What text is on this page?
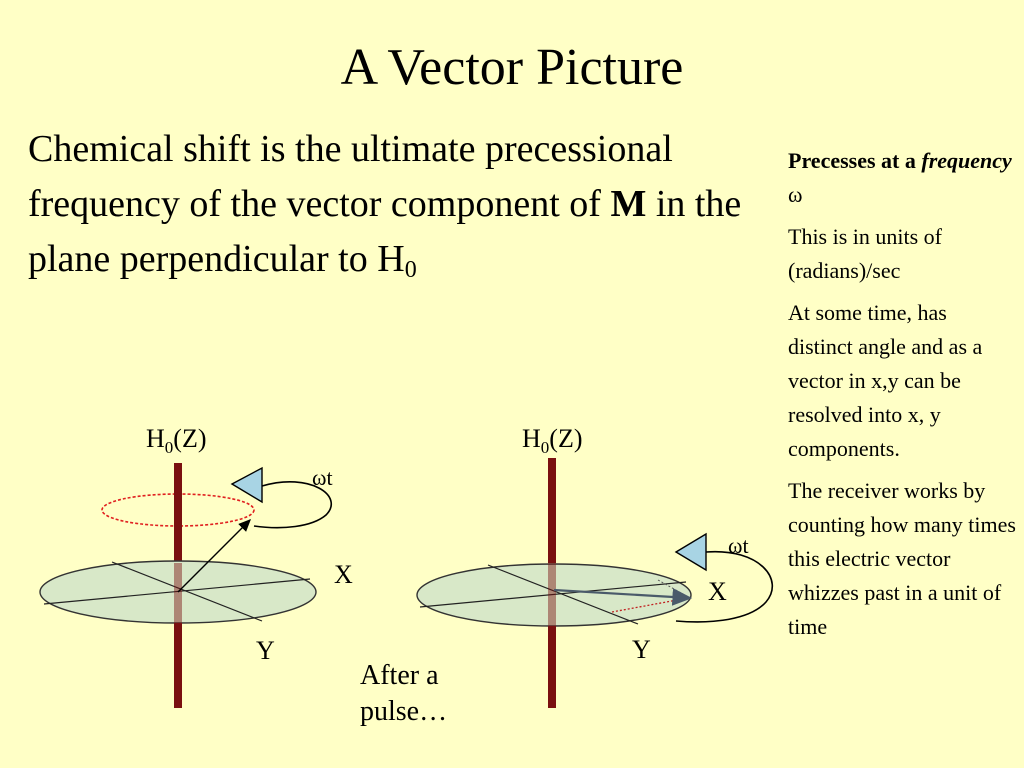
A Vector Picture
Chemical shift is the ultimate precessional frequency of the vector component of M in the plane perpendicular to $H_0$

Precesses at a frequency ω

This is in units of (radians)/sec

At some time, has distinct angle and as a vector in x,y can be resolved into x, y components.

The receiver works by counting how many times this electric vector whizzes past in a unit of time

$H_0(Z)$
ωt
X
Y
$H_0(Z)$
ωt
X
Y
After a pulse…
